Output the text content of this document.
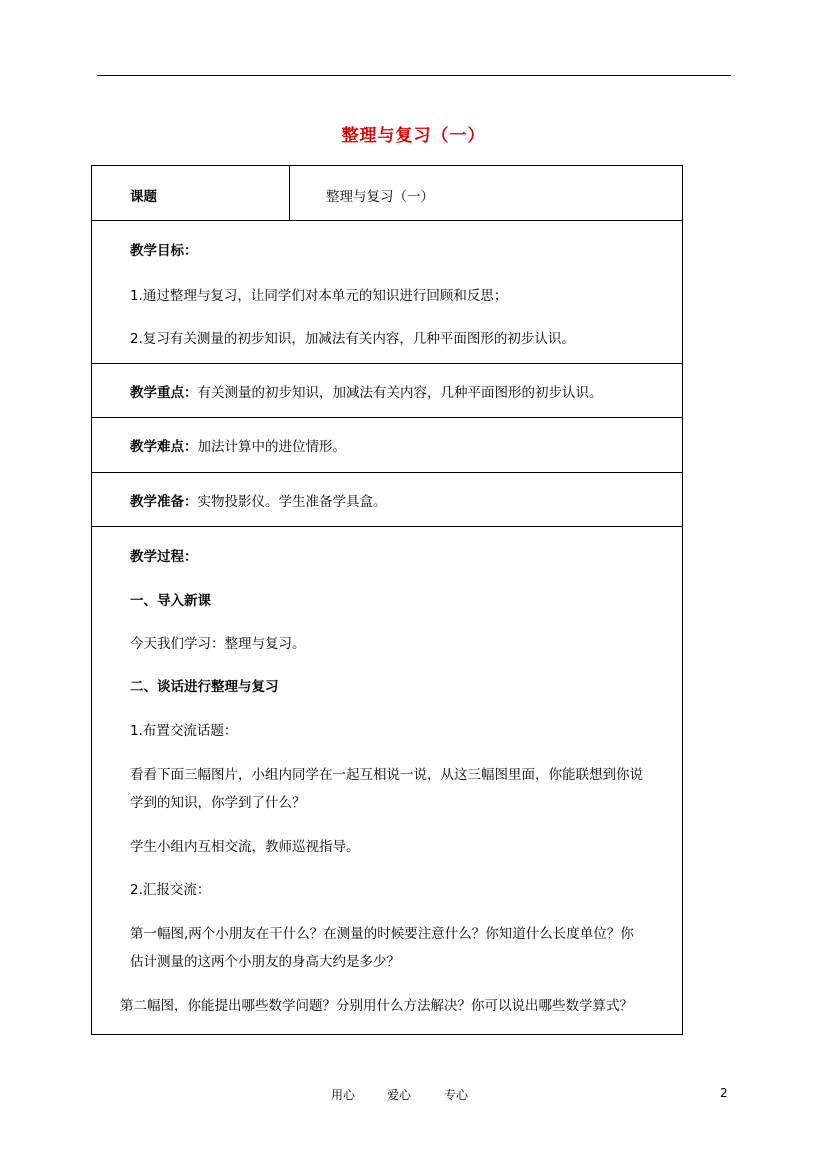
整理与复习（一）
课题	整理与复习（一）
教学目标：
1.通过整理与复习，让同学们对本单元的知识进行回顾和反思；
2.复习有关测量的初步知识，加减法有关内容，几种平面图形的初步认识。
教学重点：有关测量的初步知识，加减法有关内容，几种平面图形的初步认识。
教学难点：加法计算中的进位情形。
教学准备：实物投影仪。学生准备学具盒。
教学过程：
一、导入新课
今天我们学习：整理与复习。
二、谈话进行整理与复习
1.布置交流话题：
看看下面三幅图片，小组内同学在一起互相说一说，从这三幅图里面，你能联想到你说
学到的知识，你学到了什么？
学生小组内互相交流，教师巡视指导。
2.汇报交流：
第一幅图,两个小朋友在干什么？在测量的时候要注意什么？你知道什么长度单位？你
估计测量的这两个小朋友的身高大约是多少？
第二幅图，你能提出哪些数学问题？分别用什么方法解决？你可以说出哪些数学算式？
用心	爱心	专心	2
